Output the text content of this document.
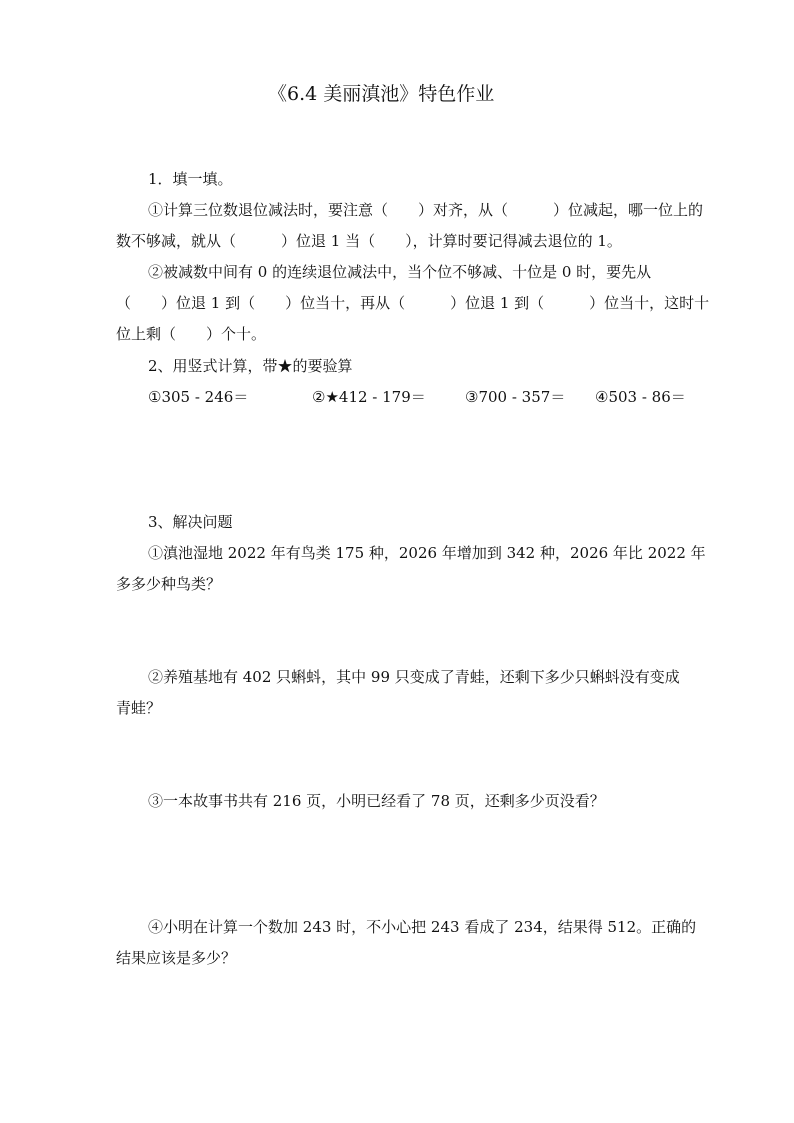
《6.4 美丽滇池》特色作业
1．填一填。
①计算三位数退位减法时，要注意（　　）对齐，从（　　　）位减起，哪一位上的
数不够减，就从（　　　）位退 1 当（　　），计算时要记得减去退位的 1。
②被减数中间有 0 的连续退位减法中，当个位不够减、十位是 0 时，要先从
（　　）位退 1 到（　　）位当十，再从（　　　）位退 1 到（　　　）位当十，这时十
位上剩（　　）个十。
2、用竖式计算，带★的要验算
①305 - 246＝	②★412 - 179＝	③700 - 357＝ ④503 - 86＝
3、解决问题
①滇池湿地 2022 年有鸟类 175 种，2026 年增加到 342 种，2026 年比 2022 年
多多少种鸟类？
②养殖基地有 402 只蝌蚪，其中 99 只变成了青蛙，还剩下多少只蝌蚪没有变成
青蛙？
③一本故事书共有 216 页，小明已经看了 78 页，还剩多少页没看？
④小明在计算一个数加 243 时，不小心把 243 看成了 234，结果得 512。正确的
结果应该是多少？
